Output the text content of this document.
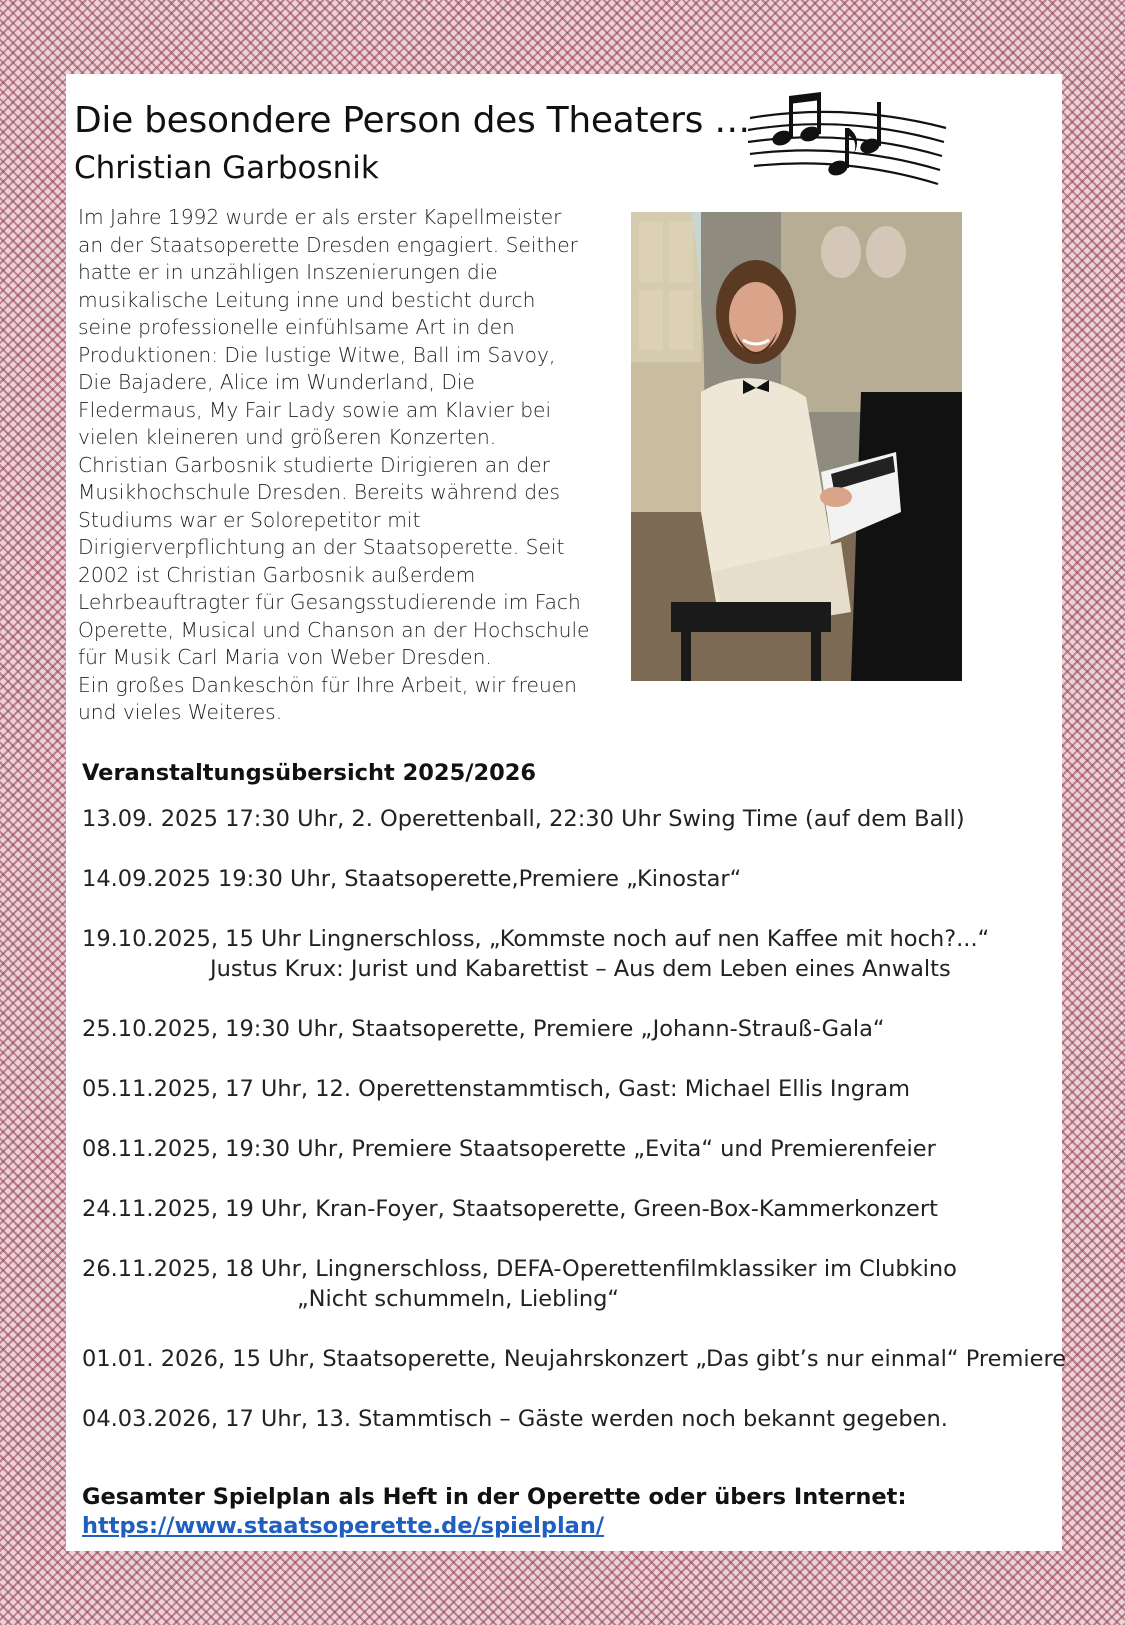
Die besondere Person des Theaters …
Christian Garbosnik

Im Jahre 1992 wurde er als erster Kapellmeister an der Staatsoperette Dresden engagiert. Seither hatte er in unzähligen Inszenierungen die musikalische Leitung inne und besticht durch seine professionelle einfühlsame Art in den Produktionen: Die lustige Witwe, Ball im Savoy, Die Bajadere, Alice im Wunderland, Die Fledermaus, My Fair Lady sowie am Klavier bei vielen kleineren und größeren Konzerten.

Christian Garbosnik studierte Dirigieren an der Musikhochschule Dresden. Bereits während des Studiums war er Solorepetitor mit Dirigierverpflichtung an der Staatsoperette. Seit 2002 ist Christian Garbosnik außerdem Lehrbeauftragter für Gesangsstudierende im Fach Operette, Musical und Chanson an der Hochschule für Musik Carl Maria von Weber Dresden.

Ein großes Dankeschön für Ihre Arbeit, wir freuen und vieles Weiteres.

Veranstaltungsübersicht 2025/2026
13.09. 2025 17:30 Uhr, 2. Operettenball, 22:30 Uhr Swing Time (auf dem Ball)
14.09.2025 19:30 Uhr, Staatsoperette,Premiere „Kinostar“
19.10.2025, 15 Uhr Lingnerschloss, „Kommste noch auf nen Kaffee mit hoch?...“
Justus Krux: Jurist und Kabarettist – Aus dem Leben eines Anwalts
25.10.2025, 19:30 Uhr, Staatsoperette, Premiere „Johann-Strauß-Gala“
05.11.2025, 17 Uhr, 12. Operettenstammtisch, Gast: Michael Ellis Ingram
08.11.2025, 19:30 Uhr, Premiere Staatsoperette „Evita“ und Premierenfeier
24.11.2025, 19 Uhr, Kran-Foyer, Staatsoperette, Green-Box-Kammerkonzert
26.11.2025, 18 Uhr, Lingnerschloss, DEFA-Operettenfilmklassiker im Clubkino
„Nicht schummeln, Liebling“
01.01. 2026, 15 Uhr, Staatsoperette, Neujahrskonzert „Das gibt’s nur einmal“ Premiere
04.03.2026, 17 Uhr, 13. Stammtisch – Gäste werden noch bekannt gegeben.
Gesamter Spielplan als Heft in der Operette oder übers Internet:
https://www.staatsoperette.de/spielplan/
